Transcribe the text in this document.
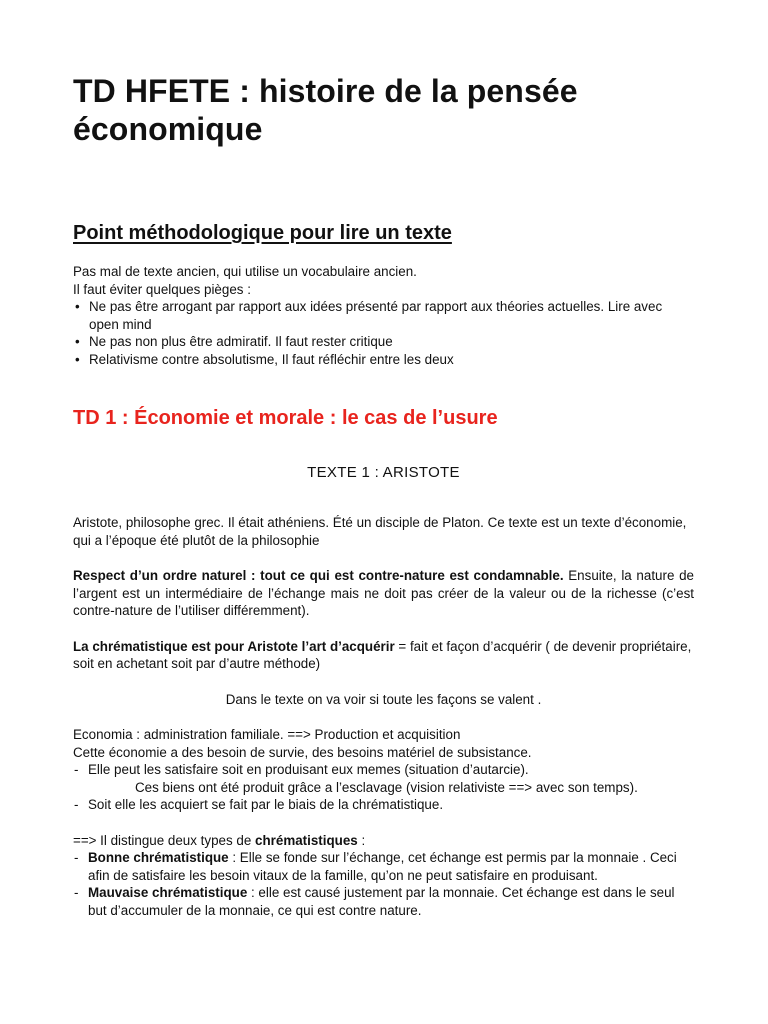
TD HFETE : histoire de la pensée économique
Point méthodologique pour lire un texte

Pas mal de texte ancien, qui utilise un vocabulaire ancien.

Il faut éviter quelques pièges :

• Ne pas être arrogant par rapport aux idées présenté par rapport aux théories actuelles. Lire avec open mind
• Ne pas non plus être admiratif. Il faut rester critique
• Relativisme contre absolutisme, Il faut réfléchir entre les deux
TD 1 : Économie et morale : le cas de l’usure
TEXTE 1 : ARISTOTE

Aristote, philosophe grec. Il était athéniens. Été un disciple de Platon. Ce texte est un texte d’économie, qui a l’époque été plutôt de la philosophie

Respect d’un ordre naturel : tout ce qui est contre-nature est condamnable. Ensuite, la nature de l’argent est un intermédiaire de l’échange mais ne doit pas créer de la valeur ou de la richesse (c’est contre-nature de l’utiliser différemment).

La chrématistique est pour Aristote l’art d’acquérir = fait et façon d’acquérir ( de devenir propriétaire, soit en achetant soit par d’autre méthode)

Dans le texte on va voir si toute les façons se valent .

Economia : administration familiale. ==> Production et acquisition

Cette économie a des besoin de survie, des besoins matériel de subsistance.

- Elle peut les satisfaire soit en produisant eux memes (situation d’autarcie).
Ces biens ont été produit grâce a l’esclavage (vision relativiste ==> avec son temps).
- Soit elle les acquiert se fait par le biais de la chrématistique.

==> Il distingue deux types de chrématistiques :

- Bonne chrématistique : Elle se fonde sur l’échange, cet échange est permis par la monnaie . Ceci afin de satisfaire les besoin vitaux de la famille, qu’on ne peut satisfaire en produisant.
- Mauvaise chrématistique : elle est causé justement par la monnaie. Cet échange est dans le seul but d’accumuler de la monnaie, ce qui est contre nature.
